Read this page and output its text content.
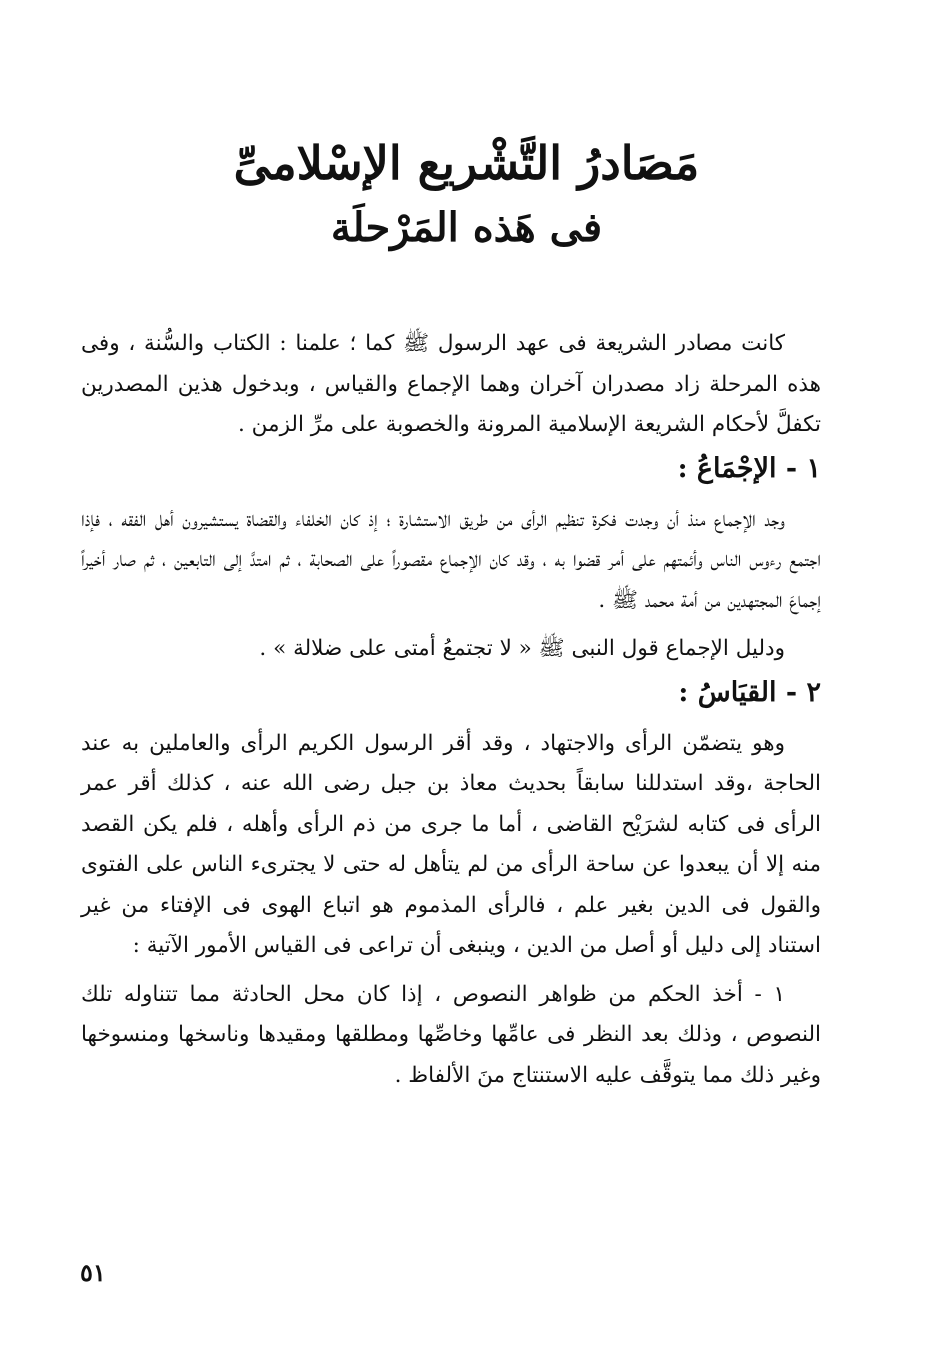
مَصَادرُ التَّشْريع الإسْلامىِّ

فى هَذه المَرْحلَة

كانت مصادر الشريعة فى عهد الرسول ﷺ كما ؛ علمنا : الكتاب والسُّنة ، وفى هذه المرحلة زاد مصدران آخران وهما الإجماع والقياس ، وبدخول هذين المصدرين تكفلَّ لأحكام الشريعة الإسلامية المرونة والخصوبة على مرِّ الزمن .

١ - الإجْمَاعُ :

وجد الإجماع منذ أن وجدت فكرة تنظيم الرأى من طريق الاستشارة ؛ إذ كان الخلفاء والقضاة يستشيرون أهل الفقه ، فإذا اجتمع رءوس الناس وأئمتهم على أمر قضوا به ، وقد كان الإجماع مقصوراً على الصحابة ، ثم امتدَّ إلى التابعين ، ثم صار أخيراً إجماعَ المجتهدين من أمة محمد ﷺ .

ودليل الإجماع قول النبى ﷺ « لا تجتمعُ أمتى على ضلالة » .

٢ - القيَاسُ :

وهو يتضمّن الرأى والاجتهاد ، وقد أقر الرسول الكريم الرأى والعاملين به عند الحاجة ،وقد استدللنا سابقاً بحديث معاذ بن جبل رضى الله عنه ، كذلك أقر عمر الرأى فى كتابه لشرَيْح القاضى ، أما ما جرى من ذم الرأى وأهله ، فلم يكن القصد منه إلا أن يبعدوا عن ساحة الرأى من لم يتأهل له حتى لا يجترىء الناس على الفتوى والقول فى الدين بغير علم ، فالرأى المذموم هو اتباع الهوى فى الإفتاء من غير استناد إلى دليل أو أصل من الدين ، وينبغى أن تراعى فى القياس الأمور الآتية :

١ - أخذ الحكم من ظواهر النصوص ، إذا كان محل الحادثة مما تتناوله تلك النصوص ، وذلك بعد النظر فى عامِّها وخاصِّها ومطلقها ومقيدها وناسخها ومنسوخها وغير ذلك مما يتوقَّف عليه الاستنتاج منَ الألفاظ .

٥١
